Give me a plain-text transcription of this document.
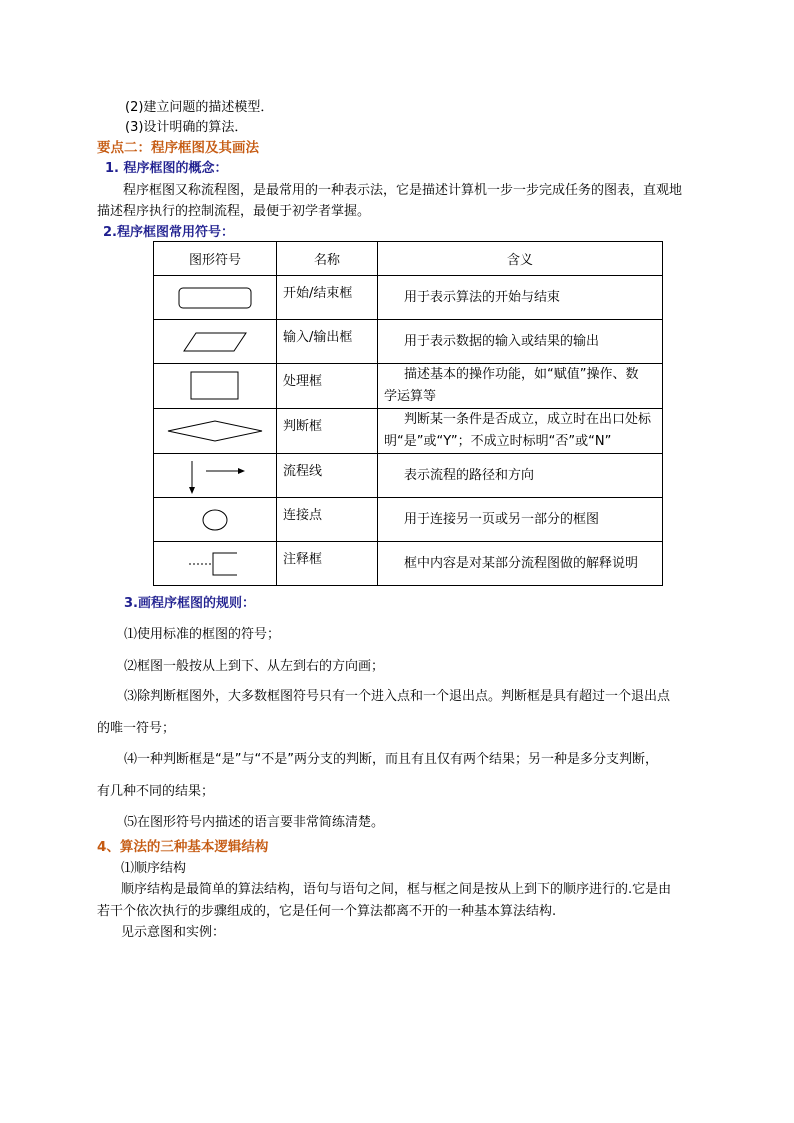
(2)建立问题的描述模型．
(3)设计明确的算法．
要点二：程序框图及其画法
1. 程序框图的概念：
程序框图又称流程图，是最常用的一种表示法，它是描述计算机一步一步完成任务的图表，直观地
描述程序执行的控制流程，最便于初学者掌握。
2.程序框图常用符号：
图形符号	名称	含义

	开始/结束框	用于表示算法的开始与结束

	输入/输出框	用于表示数据的输入或结果的输出

	处理框	描述基本的操作功能，如“赋值”操作、数
学运算等

	判断框	判断某一条件是否成立，成立时在出口处标
明“是”或“Y”；不成立时标明“否”或“N”

	流程线	表示流程的路径和方向

	连接点	用于连接另一页或另一部分的框图

	注释框	框中内容是对某部分流程图做的解释说明
3.画程序框图的规则：
⑴使用标准的框图的符号；
⑵框图一般按从上到下、从左到右的方向画；
⑶除判断框图外，大多数框图符号只有一个进入点和一个退出点。判断框是具有超过一个退出点
的唯一符号；
⑷一种判断框是“是”与“不是”两分支的判断，而且有且仅有两个结果；另一种是多分支判断，
有几种不同的结果；
⑸在图形符号内描述的语言要非常简练清楚。
4、算法的三种基本逻辑结构
⑴顺序结构
顺序结构是最简单的算法结构，语句与语句之间，框与框之间是按从上到下的顺序进行的.它是由
若干个依次执行的步骤组成的，它是任何一个算法都离不开的一种基本算法结构.
见示意图和实例：
